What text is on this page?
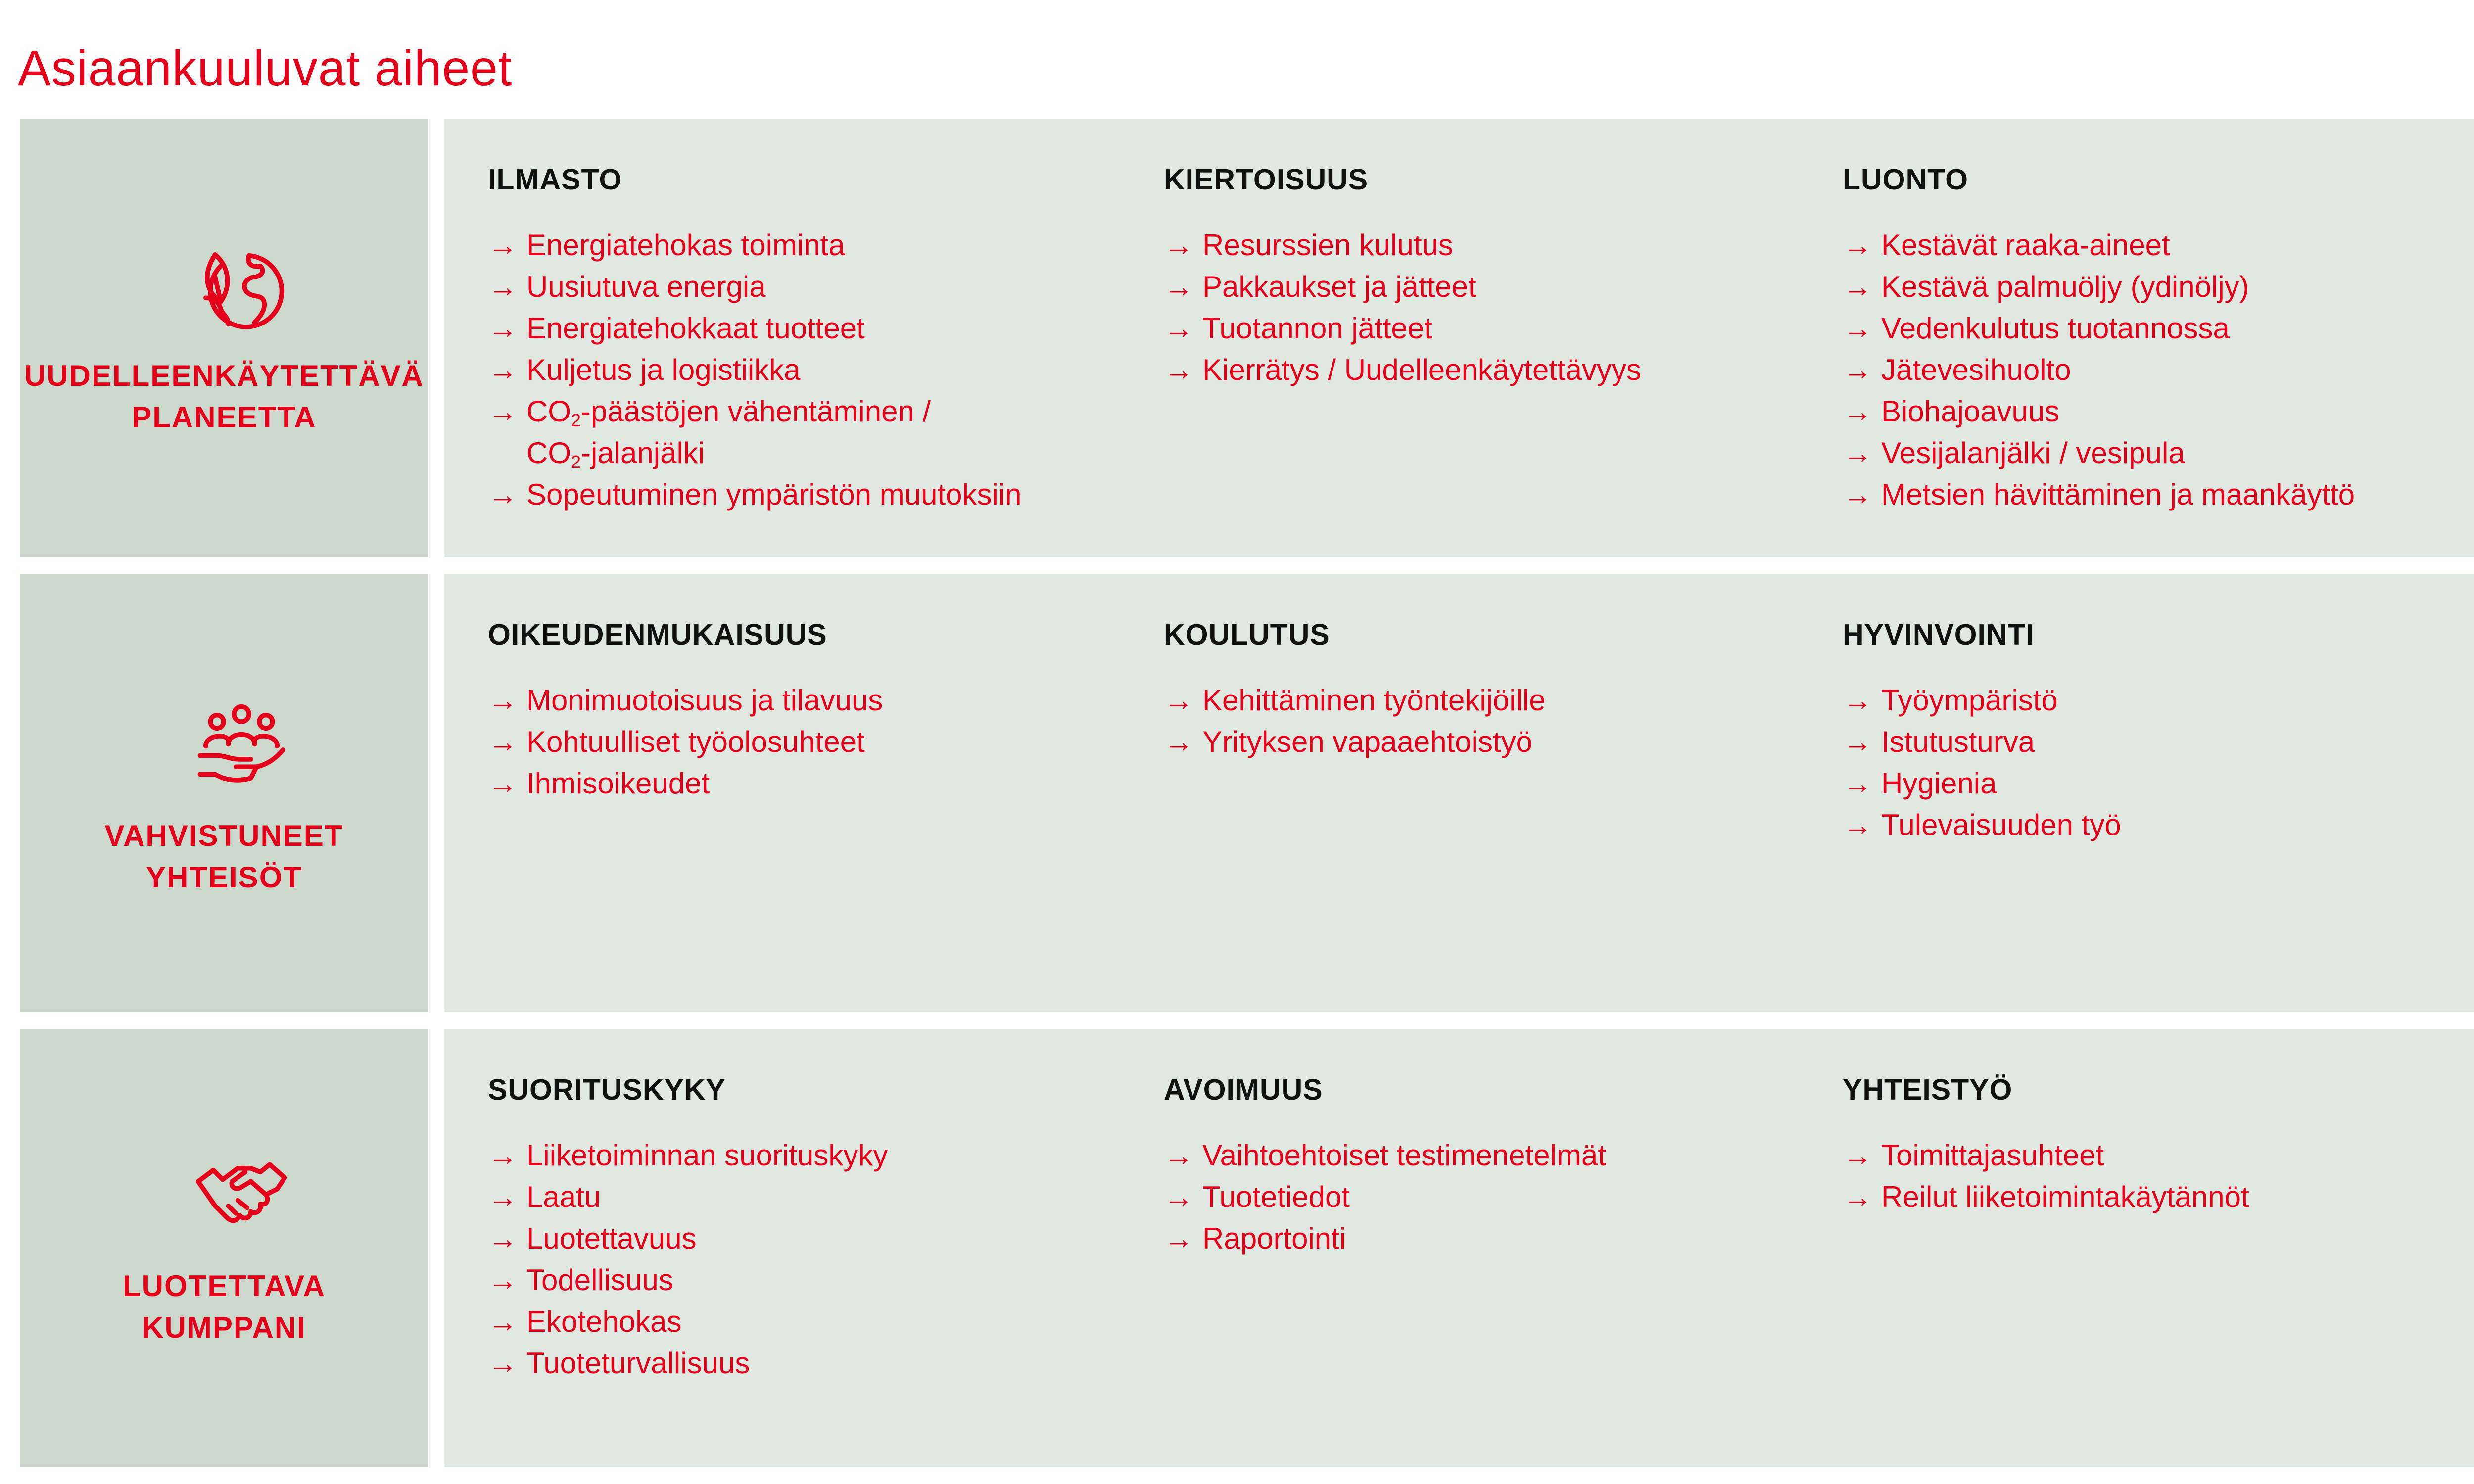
Asiaankuuluvat aiheet
UUDELLEENKÄYTETTÄVÄ
PLANEETTA
ILMASTO
→ Energiatehokas toiminta
→ Uusiutuva energia
→ Energiatehokkaat tuotteet
→ Kuljetus ja logistiikka
→ $CO_2$-päästöjen vähentäminen /
$CO_2$-jalanjälki
→ Sopeutuminen ympäristön muutoksiin
KIERTOISUUS
→ Resurssien kulutus
→ Pakkaukset ja jätteet
→ Tuotannon jätteet
→ Kierrätys / Uudelleenkäytettävyys
LUONTO
→ Kestävät raaka-aineet
→ Kestävä palmuöljy (ydinöljy)
→ Vedenkulutus tuotannossa
→ Jätevesihuolto
→ Biohajoavuus
→ Vesijalanjälki / vesipula
→ Metsien hävittäminen ja maankäyttö
VAHVISTUNEET
YHTEISÖT
OIKEUDENMUKAISUUS
→ Monimuotoisuus ja tilavuus
→ Kohtuulliset työolosuhteet
→ Ihmisoikeudet
KOULUTUS
→ Kehittäminen työntekijöille
→ Yrityksen vapaaehtoistyö
HYVINVOINTI
→ Työympäristö
→ Istutusturva
→ Hygienia
→ Tulevaisuuden työ
LUOTETTAVA
KUMPPANI
SUORITUSKYKY
→ Liiketoiminnan suorituskyky
→ Laatu
→ Luotettavuus
→ Todellisuus
→ Ekotehokas
→ Tuoteturvallisuus
AVOIMUUS
→ Vaihtoehtoiset testimenetelmät
→ Tuotetiedot
→ Raportointi
YHTEISTYÖ
→ Toimittajasuhteet
→ Reilut liiketoimintakäytännöt
